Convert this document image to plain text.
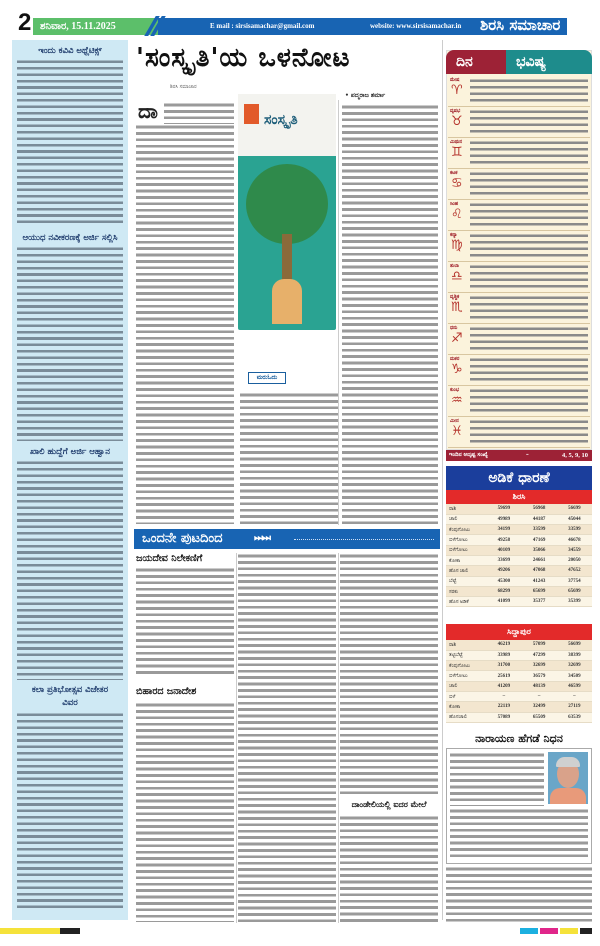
2 ಶನಿವಾರ, 15.11.2025	E mail : sirsisamachar@gmail.com	website: www.sirsisamachar.in ಶಿರಸಿ ಸಮಾಚಾರ
ಇಂದು ಕವಿವಿ ಅಥ್ಲೆಟಿಕ್ಸ್
ಆಯುಧ ನವೀಕರಣಕ್ಕೆ ಅರ್ಜಿ ಸಲ್ಲಿಸಿ
ಖಾಲಿ ಹುದ್ದೆಗೆ ಅರ್ಜಿ ಆಹ್ವಾನ
ಕಲಾ ಪ್ರತಿಭೋತ್ಸವ ವಿಜೇತರ ವಿವರ
'ಸಂಸ್ಕೃತಿ'ಯ ಒಳನೋಟ
ಶಿರಸಿ ಸಮಾಚಾರ
• ಪದ್ಮರಾಜ ಶರ್ಮಾ
ದಾ	ಸಂಸ್ಕೃತಿ
ಮರುಓದು
ಒಂದನೇ ಪುಟದಿಂದ	⏭⏭
ಜಯದೇವ ನಿಲೇಕಣಿಗೆ
ಬಿಹಾರದ ಜನಾದೇಶ
ದಾಂಡೇಲಿಯಲ್ಲಿ ಐದರ ಮೇಲೆ
ದಿನ	ಭವಿಷ್ಯ
ಮೇಷ
♈
ವೃಷಭ
♉
ಮಿಥುನ
♊
ಕಟಕ
♋
ಸಿಂಹ
♌
ಕನ್ಯಾ
♍
ತುಲಾ
♎
ವೃಶ್ಚಿಕ
♏
ಧನು
♐
ಮಕರ
♑
ಕುಂಭ
♒
ಮೀನ
♓
ಇಂದಿನ ಅದೃಷ್ಟ ಸಂಖ್ಯೆ	–	4, 5, 9, 10
ಅಡಿಕೆ ಧಾರಣೆ
ಶಿರಸಿ
ರಾಶಿ	59699	56968	56699
ಚಾಲಿ	49989	44187	45044
ಕೆಂಪುಗೋಟು	34199	33599	33599
ಬಿಳೆಗೋಟು	49258	47169	46678
ಬಿಳೆಗೋಟು	40109	35066	34559
ಕೋಕಾ	33699	24661	20050
ಹೊಸ ಚಾಲಿ	49206	47068	47652
ಬೆಟ್ಟೆ	45300	41243	37754
ಸರಕು	68299	65699	65699
ಹೊಸ ಅಡಿಕೆ	41099	35377	35399
ಸಿದ್ದಾಪುರ
ರಾಶಿ	46219	57099	56699
ತಟ್ಟಿಬೆಟ್ಟೆ	33989	47299	38399
ಕೆಂಪುಗೋಟು	31700	32699	32699
ಬಿಳೆಗೋಟು	25619	36579	34509
ಚಾಲಿ	41209	48139	46599
ಬಿಳೆ	–	–	–
ಕೋಕಾ	22119	32499	27119
ಹೊಸಚಾಲಿ	57089	65509	63539
ನಾರಾಯಣ ಹೆಗಡೆ ನಿಧನ
